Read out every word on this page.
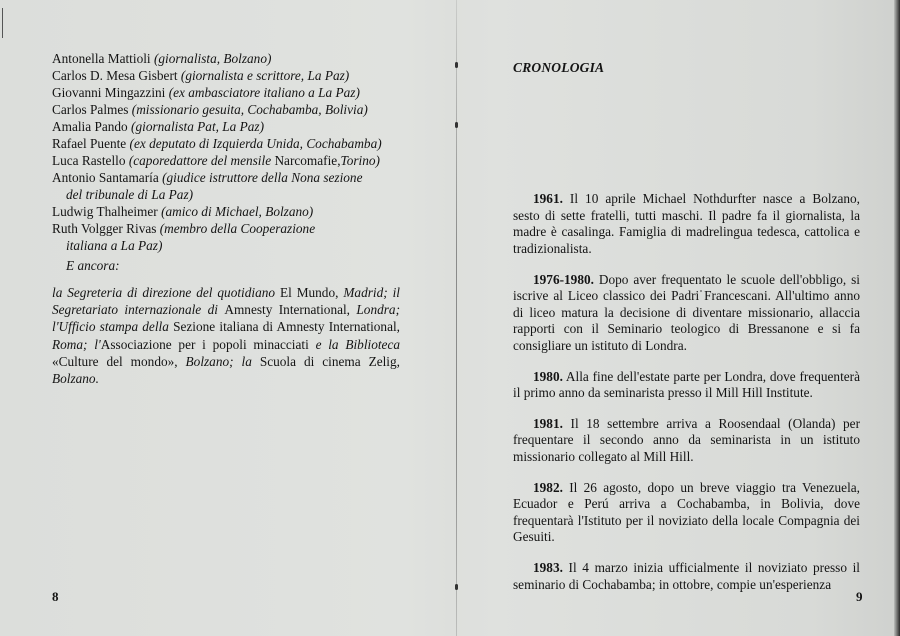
Antonella Mattioli (giornalista, Bolzano)
Carlos D. Mesa Gisbert (giornalista e scrittore, La Paz)
Giovanni Mingazzini (ex ambasciatore italiano a La Paz)
Carlos Palmes (missionario gesuita, Cochabamba, Bolivia)
Amalia Pando (giornalista Pat, La Paz)
Rafael Puente (ex deputato di Izquierda Unida, Cochabamba)
Luca Rastello (caporedattore del mensile Narcomafie,Torino)
Antonio Santamaría (giudice istruttore della Nona sezione
del tribunale di La Paz)
Ludwig Thalheimer (amico di Michael, Bolzano)
Ruth Volgger Rivas (membro della Cooperazione
italiana a La Paz)
E ancora:
la Segreteria di direzione del quotidiano El Mundo, Madrid; il Segretariato internazionale di Amnesty International, Londra; l'Ufficio stampa della Sezione italiana di Amnesty International, Roma; l'Associazione per i popoli minacciati e la Biblioteca «Culture del mondo», Bolzano; la Scuola di cinema Zelig, Bolzano.
8
CRONOLOGIA

1961. Il 10 aprile Michael Nothdurfter nasce a Bolzano, sesto di sette fratelli, tutti maschi. Il padre fa il giornalista, la madre è casalinga. Famiglia di madrelingua tedesca, cattolica e tradizionalista.

1976-1980. Dopo aver frequentato le scuole dell'obbligo, si iscrive al Liceo classico dei Padri Francescani. All'ultimo anno di liceo matura la decisione di diventare missionario, allaccia rapporti con il Seminario teologico di Bressanone e si fa consigliare un istituto di Londra.

1980. Alla fine dell'estate parte per Londra, dove frequenterà il primo anno da seminarista presso il Mill Hill Institute.

1981. Il 18 settembre arriva a Roosendaal (Olanda) per frequentare il secondo anno da seminarista in un istituto missionario collegato al Mill Hill.

1982. Il 26 agosto, dopo un breve viaggio tra Venezuela, Ecuador e Perú arriva a Cochabamba, in Bolivia, dove frequentarà l'Istituto per il noviziato della locale Compagnia dei Gesuiti.

1983. Il 4 marzo inizia ufficialmente il noviziato presso il seminario di Cochabamba; in ottobre, compie un'esperienza

9
